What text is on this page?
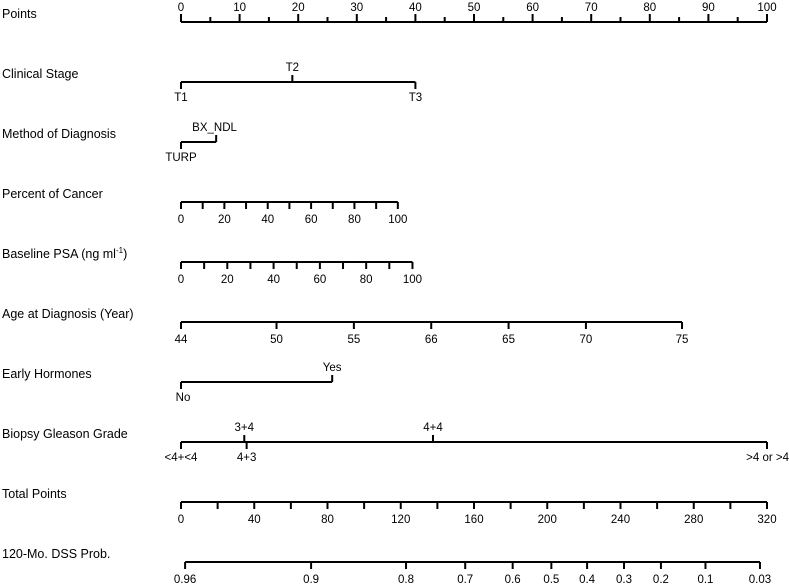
Points	0	10	20	30	40	50	60	70	80	90	100
Clinical Stage
T1
T2
T3
Method of Diagnosis
TURP
BX_NDL
Percent of Cancer
0	20	40	60	80 100
Baseline PSA (ng $ml^{-1}$)
0	20	40	60	80	100
Age at Diagnosis (Year)
44	50	55	66	65	70	75
Early Hormones
No
Yes
Biopsy Gleason Grade
<4+<4
3+4
4+3
4+4
>4 or >4
Total Points
0	40	80	120	160	200	240	280	320
120-Mo. DSS Prob.
0.96	0.9	0.8	0.7	0.6 0.5 0.4 0.3 0.2 0.1	0.03
